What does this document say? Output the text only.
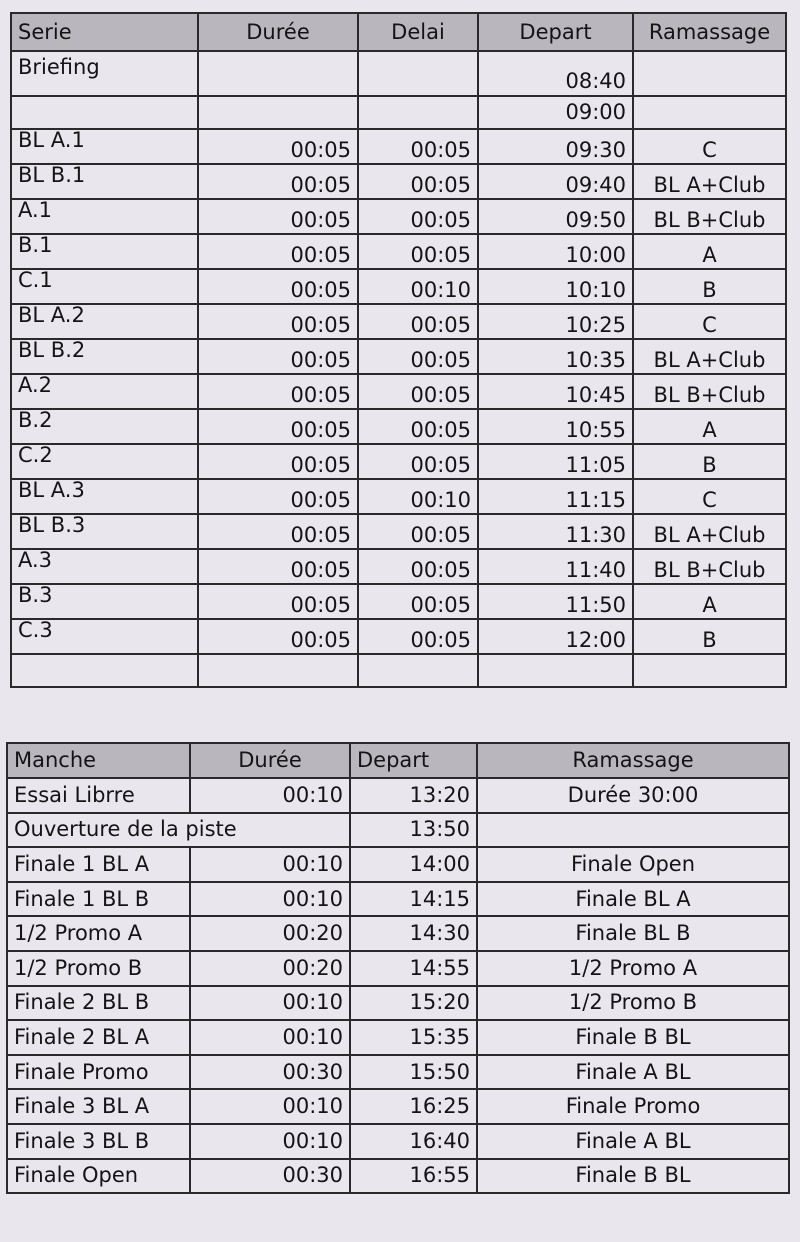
Serie	Durée	Delai	Depart	Ramassage
Briefing			08:40	
			09:00	
BL A.1	00:05	00:05	09:30	C
BL B.1	00:05	00:05	09:40	BL A+Club
A.1	00:05	00:05	09:50	BL B+Club
B.1	00:05	00:05	10:00	A
C.1	00:05	00:10	10:10	B
BL A.2	00:05	00:05	10:25	C
BL B.2	00:05	00:05	10:35	BL A+Club
A.2	00:05	00:05	10:45	BL B+Club
B.2	00:05	00:05	10:55	A
C.2	00:05	00:05	11:05	B
BL A.3	00:05	00:10	11:15	C
BL B.3	00:05	00:05	11:30	BL A+Club
A.3	00:05	00:05	11:40	BL B+Club
B.3	00:05	00:05	11:50	A
C.3	00:05	00:05	12:00	B

Manche	Durée	Depart	Ramassage
Essai Librre	00:10	13:20	Durée 30:00
Ouverture de la piste		13:50	
Finale 1 BL A	00:10	14:00	Finale Open
Finale 1 BL B	00:10	14:15	Finale BL A
1/2 Promo A	00:20	14:30	Finale BL B
1/2 Promo B	00:20	14:55	1/2 Promo A
Finale 2 BL B	00:10	15:20	1/2 Promo B
Finale 2 BL A	00:10	15:35	Finale B BL
Finale Promo	00:30	15:50	Finale A BL
Finale 3 BL A	00:10	16:25	Finale Promo
Finale 3 BL B	00:10	16:40	Finale A BL
Finale Open	00:30	16:55	Finale B BL
